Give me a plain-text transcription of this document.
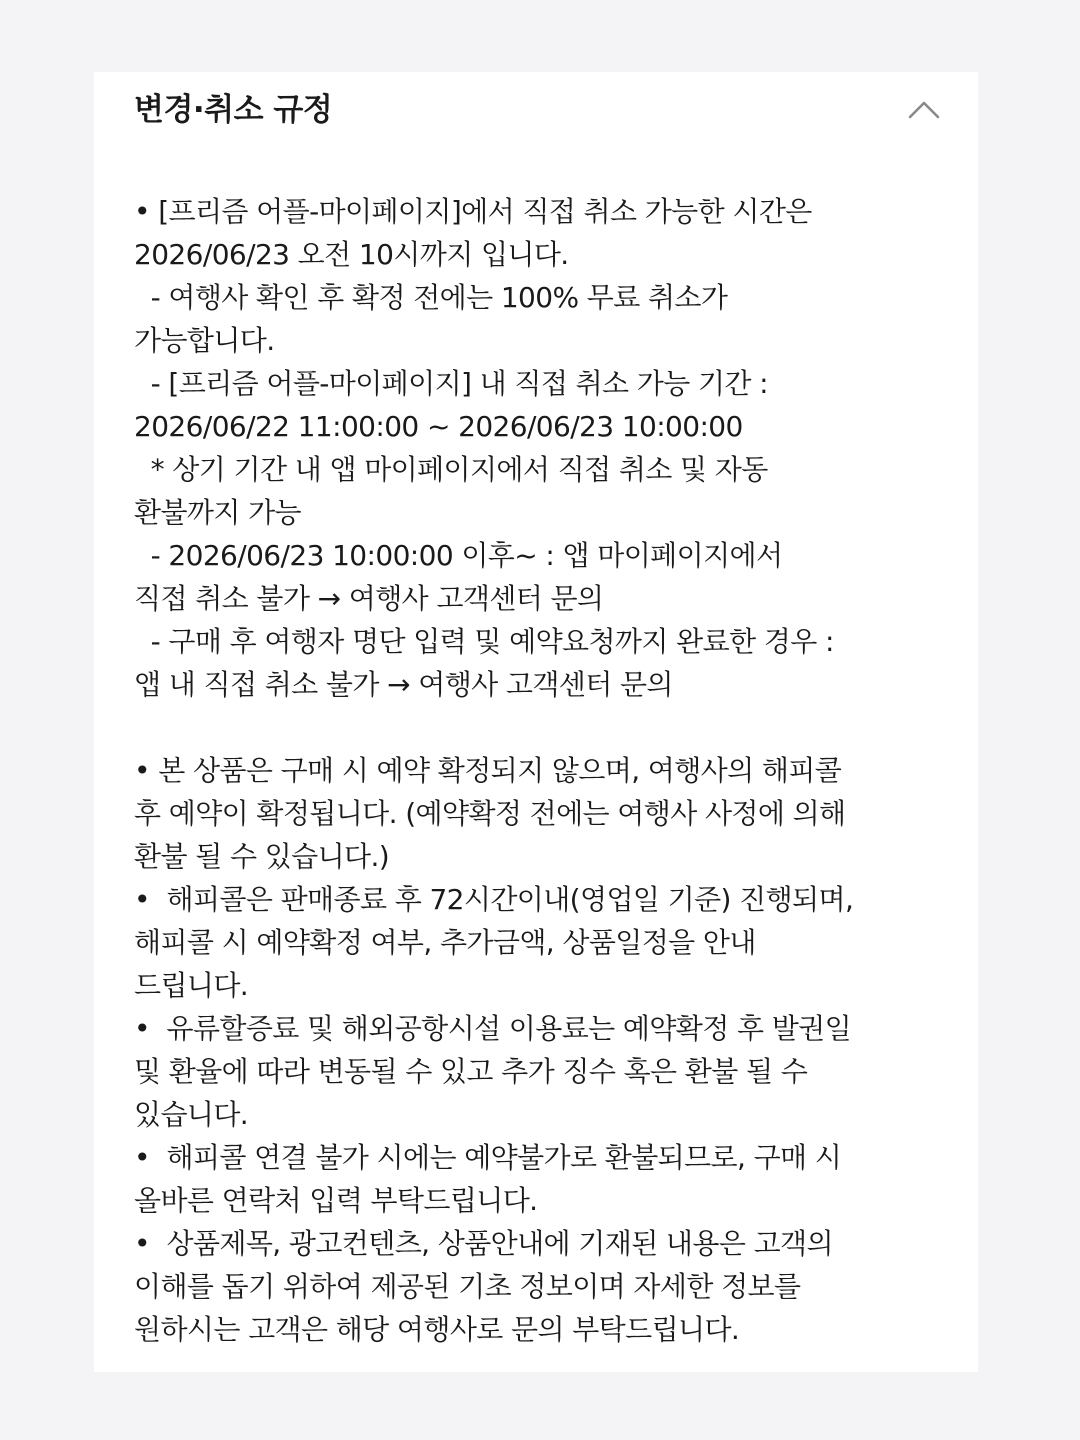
변경·취소 규정
• [프리즘 어플-마이페이지]에서 직접 취소 가능한 시간은
2026/06/23 오전 10시까지 입니다.
- 여행사 확인 후 확정 전에는 100% 무료 취소가
가능합니다.
- [프리즘 어플-마이페이지] 내 직접 취소 가능 기간 :
2026/06/22 11:00:00 ~ 2026/06/23 10:00:00
* 상기 기간 내 앱 마이페이지에서 직접 취소 및 자동
환불까지 가능
- 2026/06/23 10:00:00 이후~ : 앱 마이페이지에서
직접 취소 불가 → 여행사 고객센터 문의
- 구매 후 여행자 명단 입력 및 예약요청까지 완료한 경우 :
앱 내 직접 취소 불가 → 여행사 고객센터 문의
• 본 상품은 구매 시 예약 확정되지 않으며, 여행사의 해피콜
후 예약이 확정됩니다. (예약확정 전에는 여행사 사정에 의해
환불 될 수 있습니다.)
•  해피콜은 판매종료 후 72시간이내(영업일 기준) 진행되며,
해피콜 시 예약확정 여부, 추가금액, 상품일정을 안내
드립니다.
•  유류할증료 및 해외공항시설 이용료는 예약확정 후 발권일
및 환율에 따라 변동될 수 있고 추가 징수 혹은 환불 될 수
있습니다.
•  해피콜 연결 불가 시에는 예약불가로 환불되므로, 구매 시
올바른 연락처 입력 부탁드립니다.
•  상품제목, 광고컨텐츠, 상품안내에 기재된 내용은 고객의
이해를 돕기 위하여 제공된 기초 정보이며 자세한 정보를
원하시는 고객은 해당 여행사로 문의 부탁드립니다.
